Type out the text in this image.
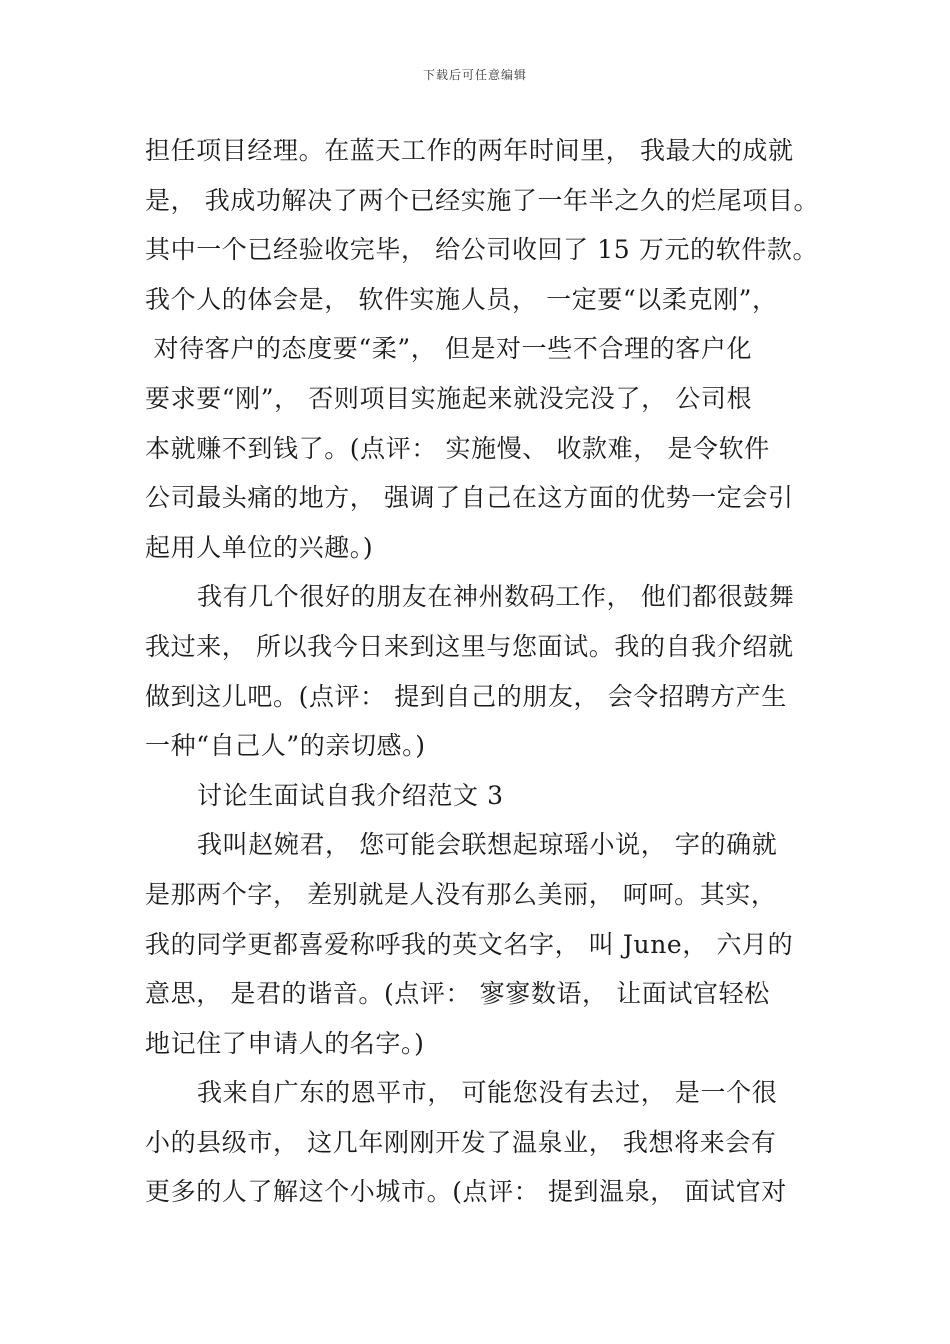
下载后可任意编辑
担任项目经理。在蓝天工作的两年时间里， 我最大的成就
是， 我成功解决了两个已经实施了一年半之久的烂尾项目。
其中一个已经验收完毕， 给公司收回了 15 万元的软件款。
我个人的体会是， 软件实施人员， 一定要“以柔克刚”，
对待客户的态度要“柔”， 但是对一些不合理的客户化
要求要“刚”， 否则项目实施起来就没完没了， 公司根
本就赚不到钱了。(点评： 实施慢、 收款难， 是令软件
公司最头痛的地方， 强调了自己在这方面的优势一定会引
起用人单位的兴趣。)
我有几个很好的朋友在神州数码工作， 他们都很鼓舞
我过来， 所以我今日来到这里与您面试。我的自我介绍就
做到这儿吧。(点评： 提到自己的朋友， 会令招聘方产生
一种“自己人”的亲切感。)
讨论生面试自我介绍范文 3
我叫赵婉君， 您可能会联想起琼瑶小说， 字的确就
是那两个字， 差别就是人没有那么美丽， 呵呵。其实，
我的同学更都喜爱称呼我的英文名字， 叫 June， 六月的
意思， 是君的谐音。(点评： 寥寥数语， 让面试官轻松
地记住了申请人的名字。)
我来自广东的恩平市， 可能您没有去过， 是一个很
小的县级市， 这几年刚刚开发了温泉业， 我想将来会有
更多的人了解这个小城市。(点评： 提到温泉， 面试官对
